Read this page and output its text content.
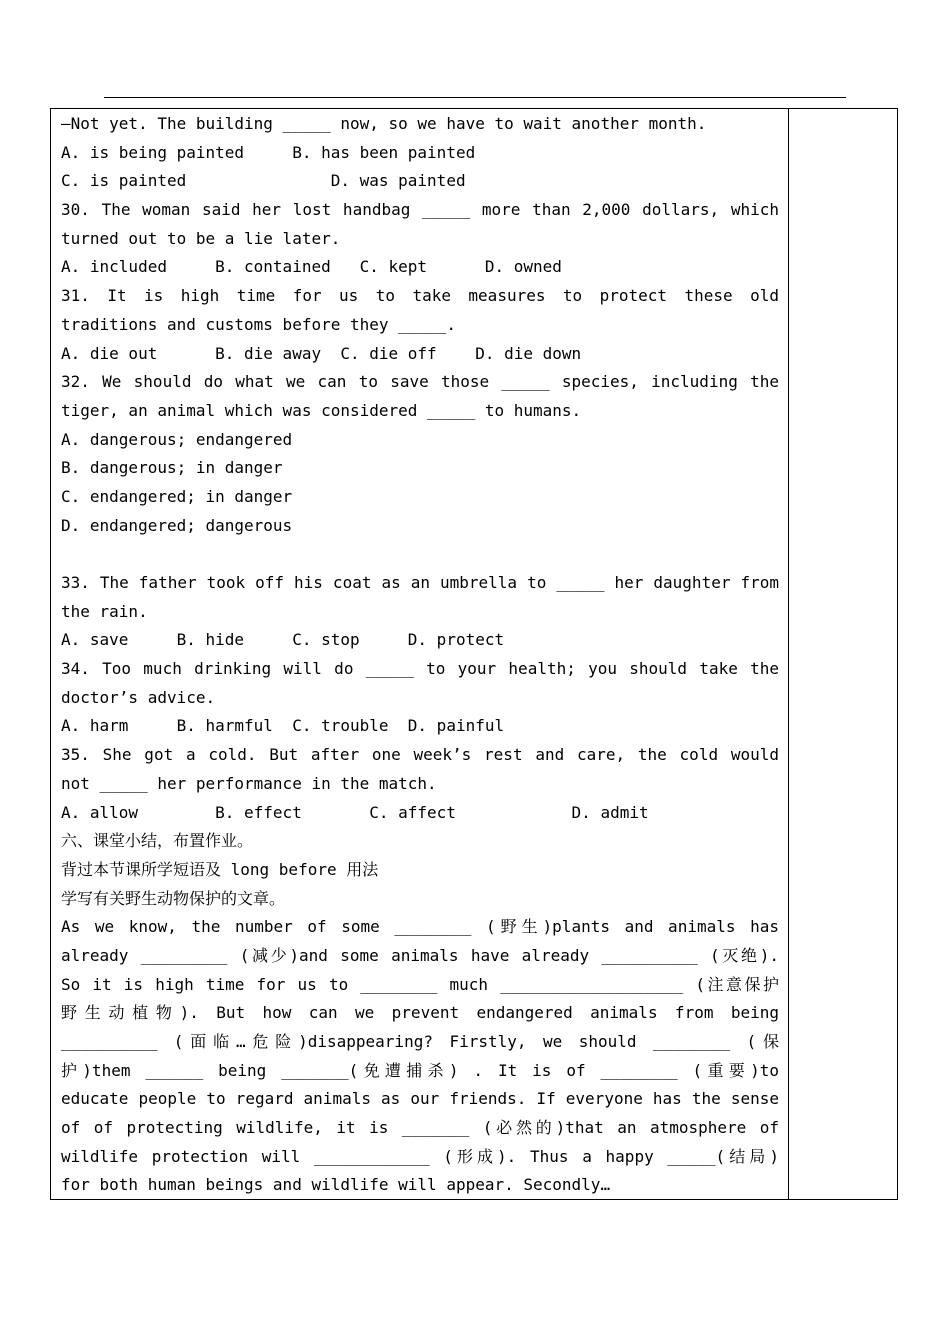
—Not yet. The building _____ now, so we have to wait another month.
A. is being painted     B. has been painted
C. is painted               D. was painted
30. The woman said her lost handbag _____ more than 2,000 dollars, which
turned out to be a lie later.
A. included     B. contained   C. kept      D. owned
31. It is high time for us to take measures to protect these old
traditions and customs before they _____.
A. die out      B. die away  C. die off    D. die down
32. We should do what we can to save those _____ species, including the
tiger, an animal which was considered _____ to humans.
A. dangerous; endangered
B. dangerous; in danger
C. endangered; in danger
D. endangered; dangerous
33. The father took off his coat as an umbrella to _____ her daughter from
the rain.
A. save     B. hide     C. stop     D. protect
34. Too much drinking will do _____ to your health; you should take the
doctor’s advice.
A. harm     B. harmful  C. trouble  D. painful
35. She got a cold. But after one week’s rest and care, the cold would
not _____ her performance in the match.
A. allow        B. effect       C. affect            D. admit
六、课堂小结，布置作业。
背过本节课所学短语及 long before 用法
学写有关野生动物保护的文章。
As we know, the number of some ________ (野生)plants and animals has
already _________ (减少)and some animals have already __________ (灭绝).
So it is high time for us to ________ much ___________________ (注意保护
野生动植物). But how can we prevent endangered animals from being
__________ (面临…危险)disappearing? Firstly, we should ________ (保
护)them ______ being _______(免遭捕杀) . It is of ________ (重要)to
educate people to regard animals as our friends. If everyone has the sense
of of protecting wildlife, it is _______ (必然的)that an atmosphere of
wildlife protection will ____________ (形成). Thus a happy _____(结局)
for both human beings and wildlife will appear. Secondly…
